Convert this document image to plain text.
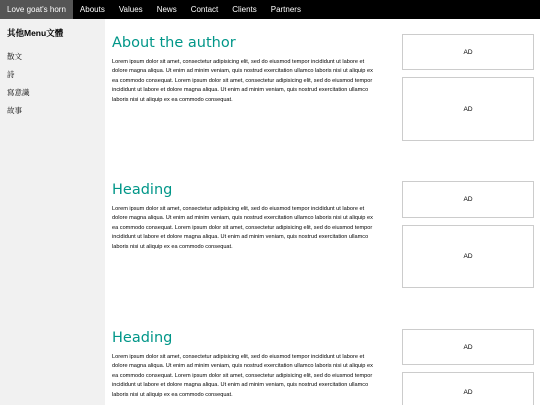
Love goat's horn	Abouts	Values	News	Contact	Clients	Partners
其他Menu文體
散文
詩
寫意識
故事
About the author

Lorem ipsum dolor sit amet, consectetur adipisicing elit, sed do eiusmod tempor incididunt ut labore et dolore magna aliqua. Ut enim ad minim veniam, quis nostrud exercitation ullamco laboris nisi ut aliquip ex ea commodo consequat. Lorem ipsum dolor sit amet, consectetur adipisicing elit, sed do eiusmod tempor incididunt ut labore et dolore magna aliqua. Ut enim ad minim veniam, quis nostrud exercitation ullamco laboris nisi ut aliquip ex ea commodo consequat.

Heading

Lorem ipsum dolor sit amet, consectetur adipisicing elit, sed do eiusmod tempor incididunt ut labore et dolore magna aliqua. Ut enim ad minim veniam, quis nostrud exercitation ullamco laboris nisi ut aliquip ex ea commodo consequat. Lorem ipsum dolor sit amet, consectetur adipisicing elit, sed do eiusmod tempor incididunt ut labore et dolore magna aliqua. Ut enim ad minim veniam, quis nostrud exercitation ullamco laboris nisi ut aliquip ex ea commodo consequat.

Heading

Lorem ipsum dolor sit amet, consectetur adipisicing elit, sed do eiusmod tempor incididunt ut labore et dolore magna aliqua. Ut enim ad minim veniam, quis nostrud exercitation ullamco laboris nisi ut aliquip ex ea commodo consequat. Lorem ipsum dolor sit amet, consectetur adipisicing elit, sed do eiusmod tempor incididunt ut labore et dolore magna aliqua. Ut enim ad minim veniam, quis nostrud exercitation ullamco laboris nisi ut aliquip ex ea commodo consequat.

AD
AD
AD
AD
AD
AD
